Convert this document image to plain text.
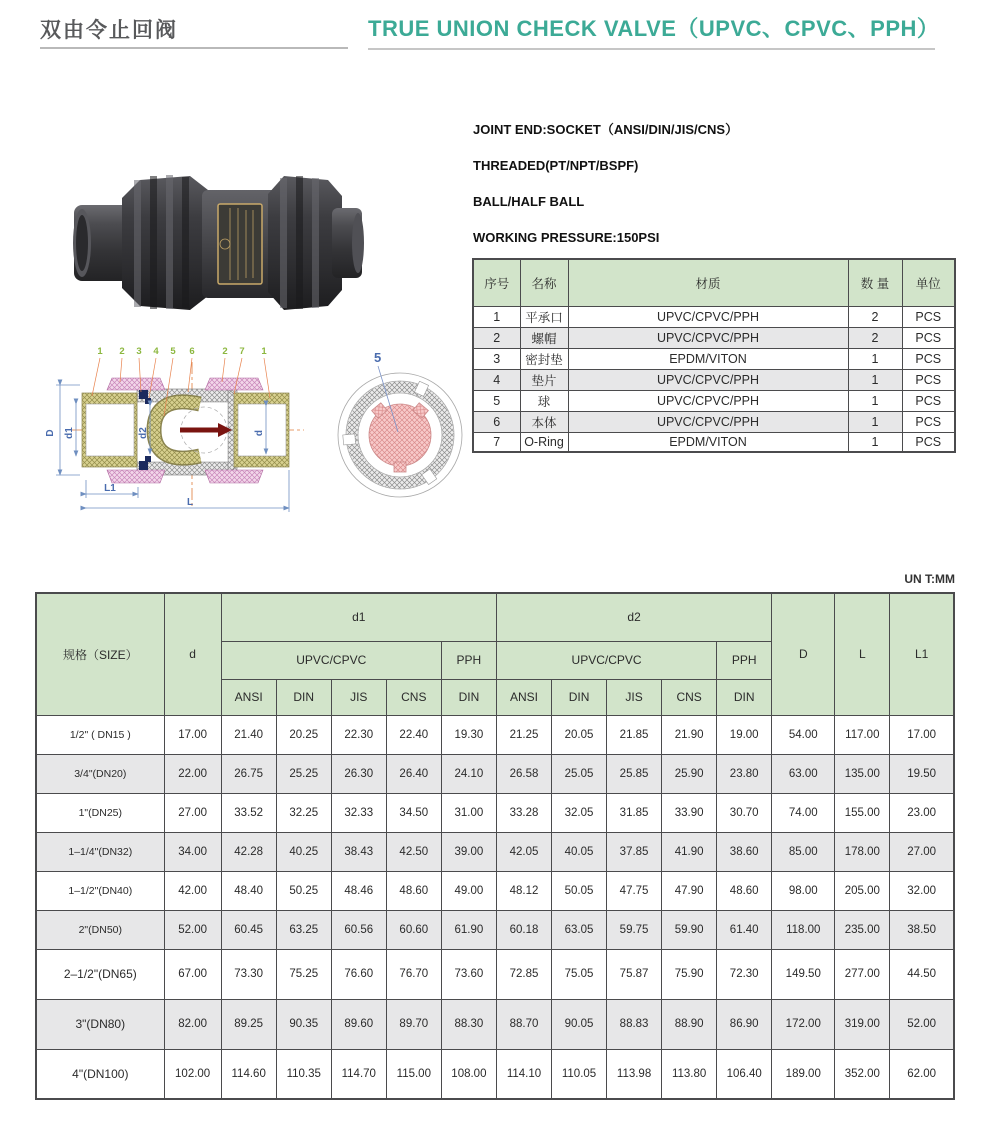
双由令止回阀	TRUE UNION CHECK VALVE（UPVC、CPVC、PPH）
JOINT END:SOCKET（ANSI/DIN/JIS/CNS）
THREADED(PT/NPT/BSPF)
BALL/HALF BALL
WORKING PRESSURE:150PSI
序号	名称	材质	数 量	单位
1	平承口	UPVC/CPVC/PPH	2	PCS
2	螺帽	UPVC/CPVC/PPH	2	PCS
3	密封垫	EPDM/VITON	1	PCS
4	垫片	UPVC/CPVC/PPH	1	PCS
5	球	UPVC/CPVC/PPH	1	PCS
6	本体	UPVC/CPVC/PPH	1	PCS
7	O-Ring	EPDM/VITON	1	PCS
D d1	d2	d
L1
L
1 2 3 4 5 6	2 7 1	5
UN T:MM
规格（SIZE）	d	d1					d2					D	L	L1
		UPVC/CPVC				PPH	UPVC/CPVC				PPH			
		ANSI	DIN	JIS	CNS	DIN	ANSI	DIN	JIS	CNS	DIN			
1/2" ( DN15 )	17.00	21.40	20.25	22.30	22.40	19.30	21.25	20.05	21.85	21.90	19.00	54.00	117.00	17.00
3/4"(DN20)	22.00	26.75	25.25	26.30	26.40	24.10	26.58	25.05	25.85	25.90	23.80	63.00	135.00	19.50
1"(DN25)	27.00	33.52	32.25	32.33	34.50	31.00	33.28	32.05	31.85	33.90	30.70	74.00	155.00	23.00
1–1/4"(DN32)	34.00	42.28	40.25	38.43	42.50	39.00	42.05	40.05	37.85	41.90	38.60	85.00	178.00	27.00
1–1/2"(DN40)	42.00	48.40	50.25	48.46	48.60	49.00	48.12	50.05	47.75	47.90	48.60	98.00	205.00	32.00
2"(DN50)	52.00	60.45	63.25	60.56	60.60	61.90	60.18	63.05	59.75	59.90	61.40	118.00	235.00	38.50
2–1/2"(DN65)	67.00	73.30	75.25	76.60	76.70	73.60	72.85	75.05	75.87	75.90	72.30	149.50	277.00	44.50
3"(DN80)	82.00	89.25	90.35	89.60	89.70	88.30	88.70	90.05	88.83	88.90	86.90	172.00	319.00	52.00
4"(DN100)	102.00	114.60	110.35	114.70	115.00	108.00	114.10	110.05	113.98	113.80	106.40	189.00	352.00	62.00
